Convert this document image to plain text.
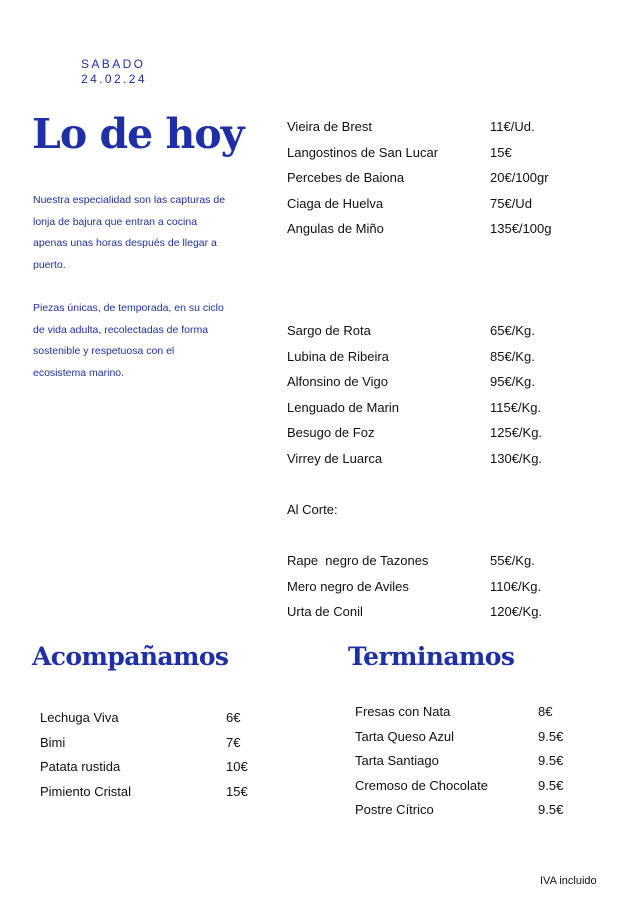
SABADO
24.02.24
Lo de hoy

Nuestra especialidad son las capturas de lonja de bajura que entran a cocina apenas unas horas después de llegar a puerto.

Piezas únicas, de temporada, en su ciclo de vida adulta, recolectadas de forma sostenible y respetuosa con el ecosistema marino.

Vieira de Brest	11€/Ud.
Langostinos de San Lucar	15€
Percebes de Baiona	20€/100gr
Ciaga de Huelva	75€/Ud
Angulas de Miño	135€/100g
Sargo de Rota	65€/Kg.
Lubina de Ribeira	85€/Kg.
Alfonsino de Vigo	95€/Kg.
Lenguado de Marin	115€/Kg.
Besugo de Foz	125€/Kg.
Virrey de Luarca	130€/Kg.
Al Corte:
Rape  negro de Tazones	55€/Kg.
Mero negro de Aviles	110€/Kg.
Urta de Conil	120€/Kg.
Acompañamos
Lechuga Viva	6€
Bimi	7€
Patata rustida	10€
Pimiento Cristal	15€
Terminamos
Fresas con Nata	8€
Tarta Queso Azul	9.5€
Tarta Santiago	9.5€
Cremoso de Chocolate	9.5€
Postre Cítrico	9.5€
IVA incluido
